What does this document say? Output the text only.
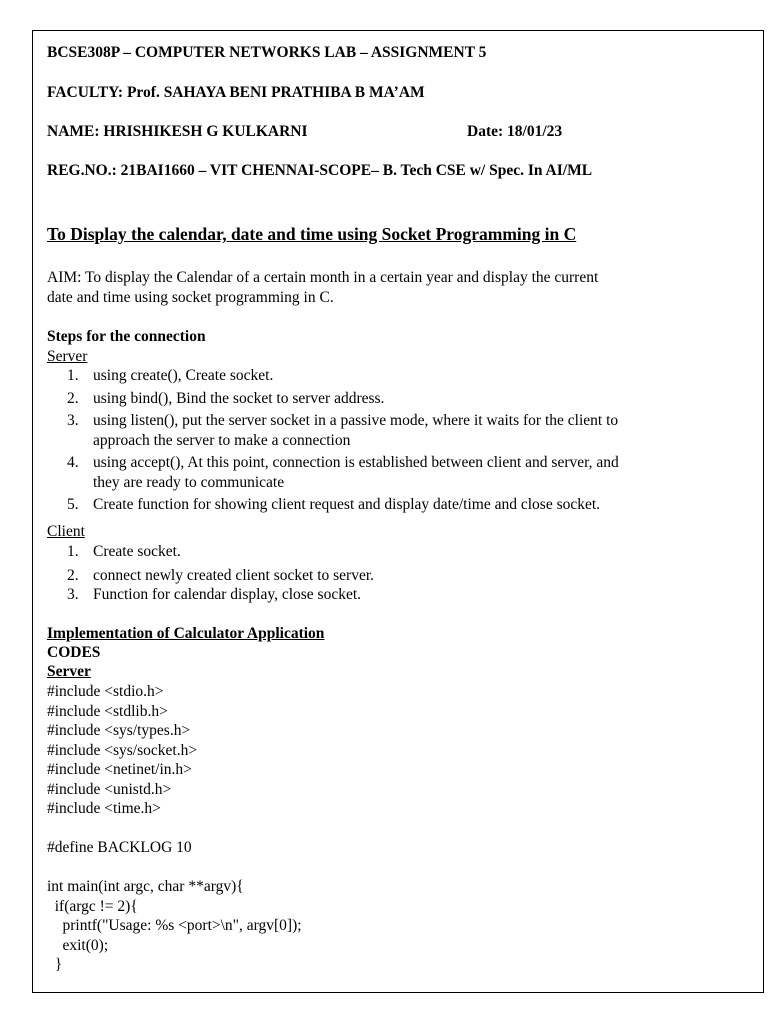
BCSE308P – COMPUTER NETWORKS LAB – ASSIGNMENT 5
FACULTY: Prof. SAHAYA BENI PRATHIBA B MA’AM
NAME: HRISHIKESH G KULKARNI	Date: 18/01/23
REG.NO.: 21BAI1660 – VIT CHENNAI-SCOPE– B. Tech CSE w/ Spec. In AI/ML
To Display the calendar, date and time using Socket Programming in C
AIM: To display the Calendar of a certain month in a certain year and display the current
date and time using socket programming in C.
Steps for the connection
Server
1. using create(), Create socket.
2. using bind(), Bind the socket to server address.
3. using listen(), put the server socket in a passive mode, where it waits for the client to
approach the server to make a connection
4. using accept(), At this point, connection is established between client and server, and
they are ready to communicate
5. Create function for showing client request and display date/time and close socket.
Client
1. Create socket.
2. connect newly created client socket to server.
3. Function for calendar display, close socket.
Implementation of Calculator Application
CODES
Server
#include <stdio.h>
#include <stdlib.h>
#include <sys/types.h>
#include <sys/socket.h>
#include <netinet/in.h>
#include <unistd.h>
#include <time.h>
#define BACKLOG 10
int main(int argc, char **argv){
if(argc != 2){
printf("Usage: %s <port>\n", argv[0]);
exit(0);
}
